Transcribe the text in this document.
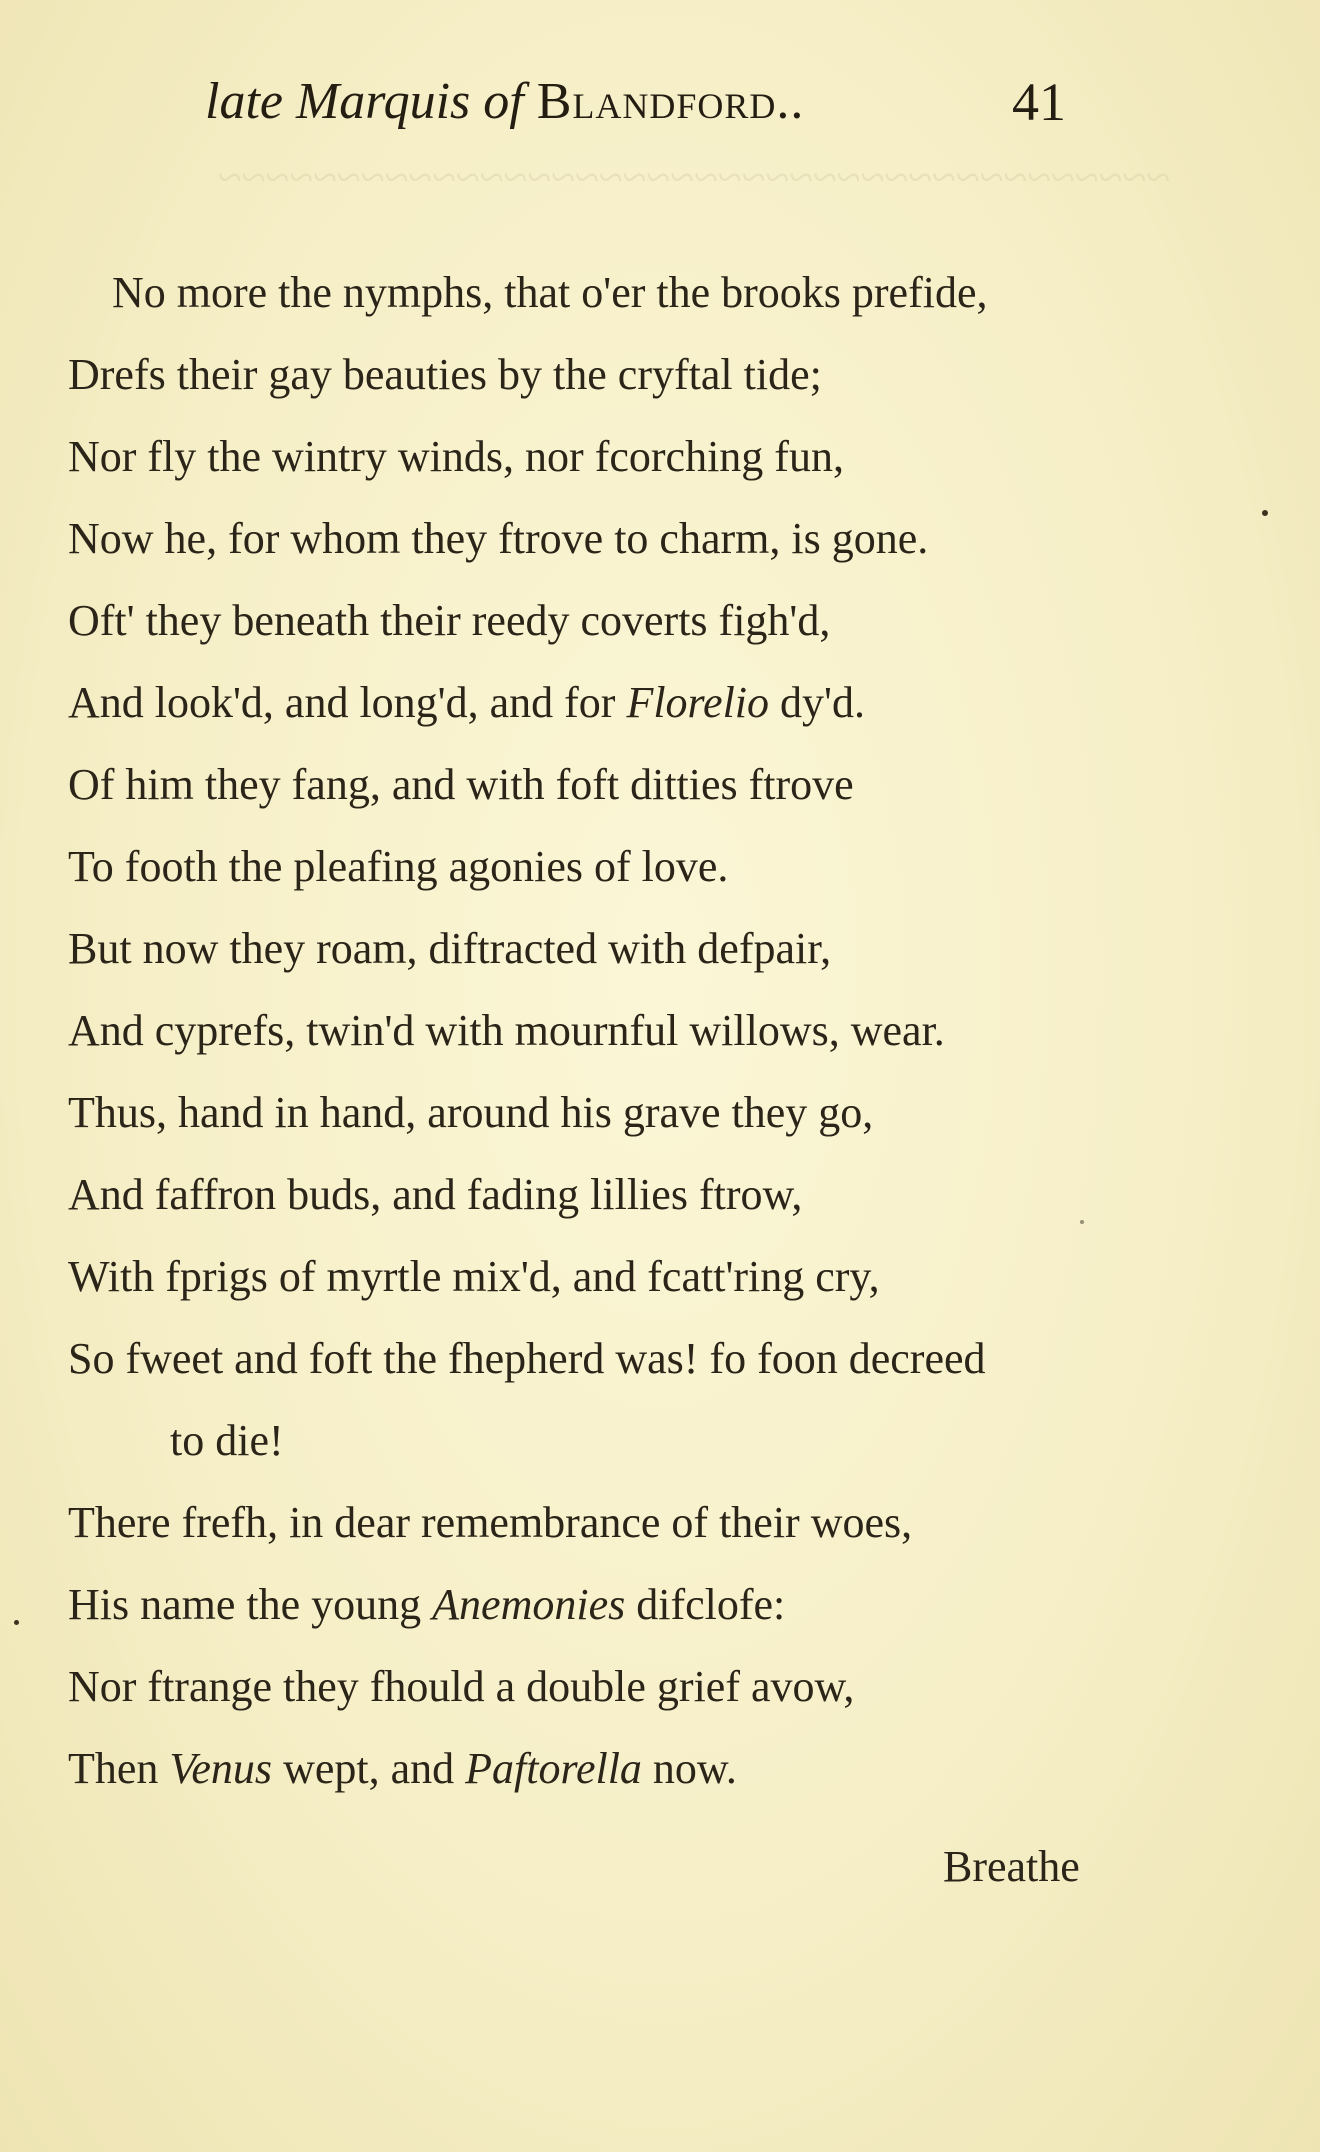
~~~~~~~~~~~~~~~~~~~~~~~~~~~~~~~~~~~~~~~~
late Marquis of Blandford..	41
No more the nymphs, that o'er the brooks prefide,
Drefs their gay beauties by the cryftal tide;
Nor fly the wintry winds, nor fcorching fun,
Now he, for whom they ftrove to charm, is gone.
Oft' they beneath their reedy coverts figh'd,
And look'd, and long'd, and for Florelio dy'd.
Of him they fang, and with foft ditties ftrove
To footh the pleafing agonies of love.
But now they roam, diftracted with defpair,
And cyprefs, twin'd with mournful willows, wear.
Thus, hand in hand, around his grave they go,
And faffron buds, and fading lillies ftrow,
With fprigs of myrtle mix'd, and fcatt'ring cry,
So fweet and foft the fhepherd was! fo foon decreed
to die!
There frefh, in dear remembrance of their woes,
His name the young Anemonies difclofe:
Nor ftrange they fhould a double grief avow,
Then Venus wept, and Paftorella now.
Breathe
